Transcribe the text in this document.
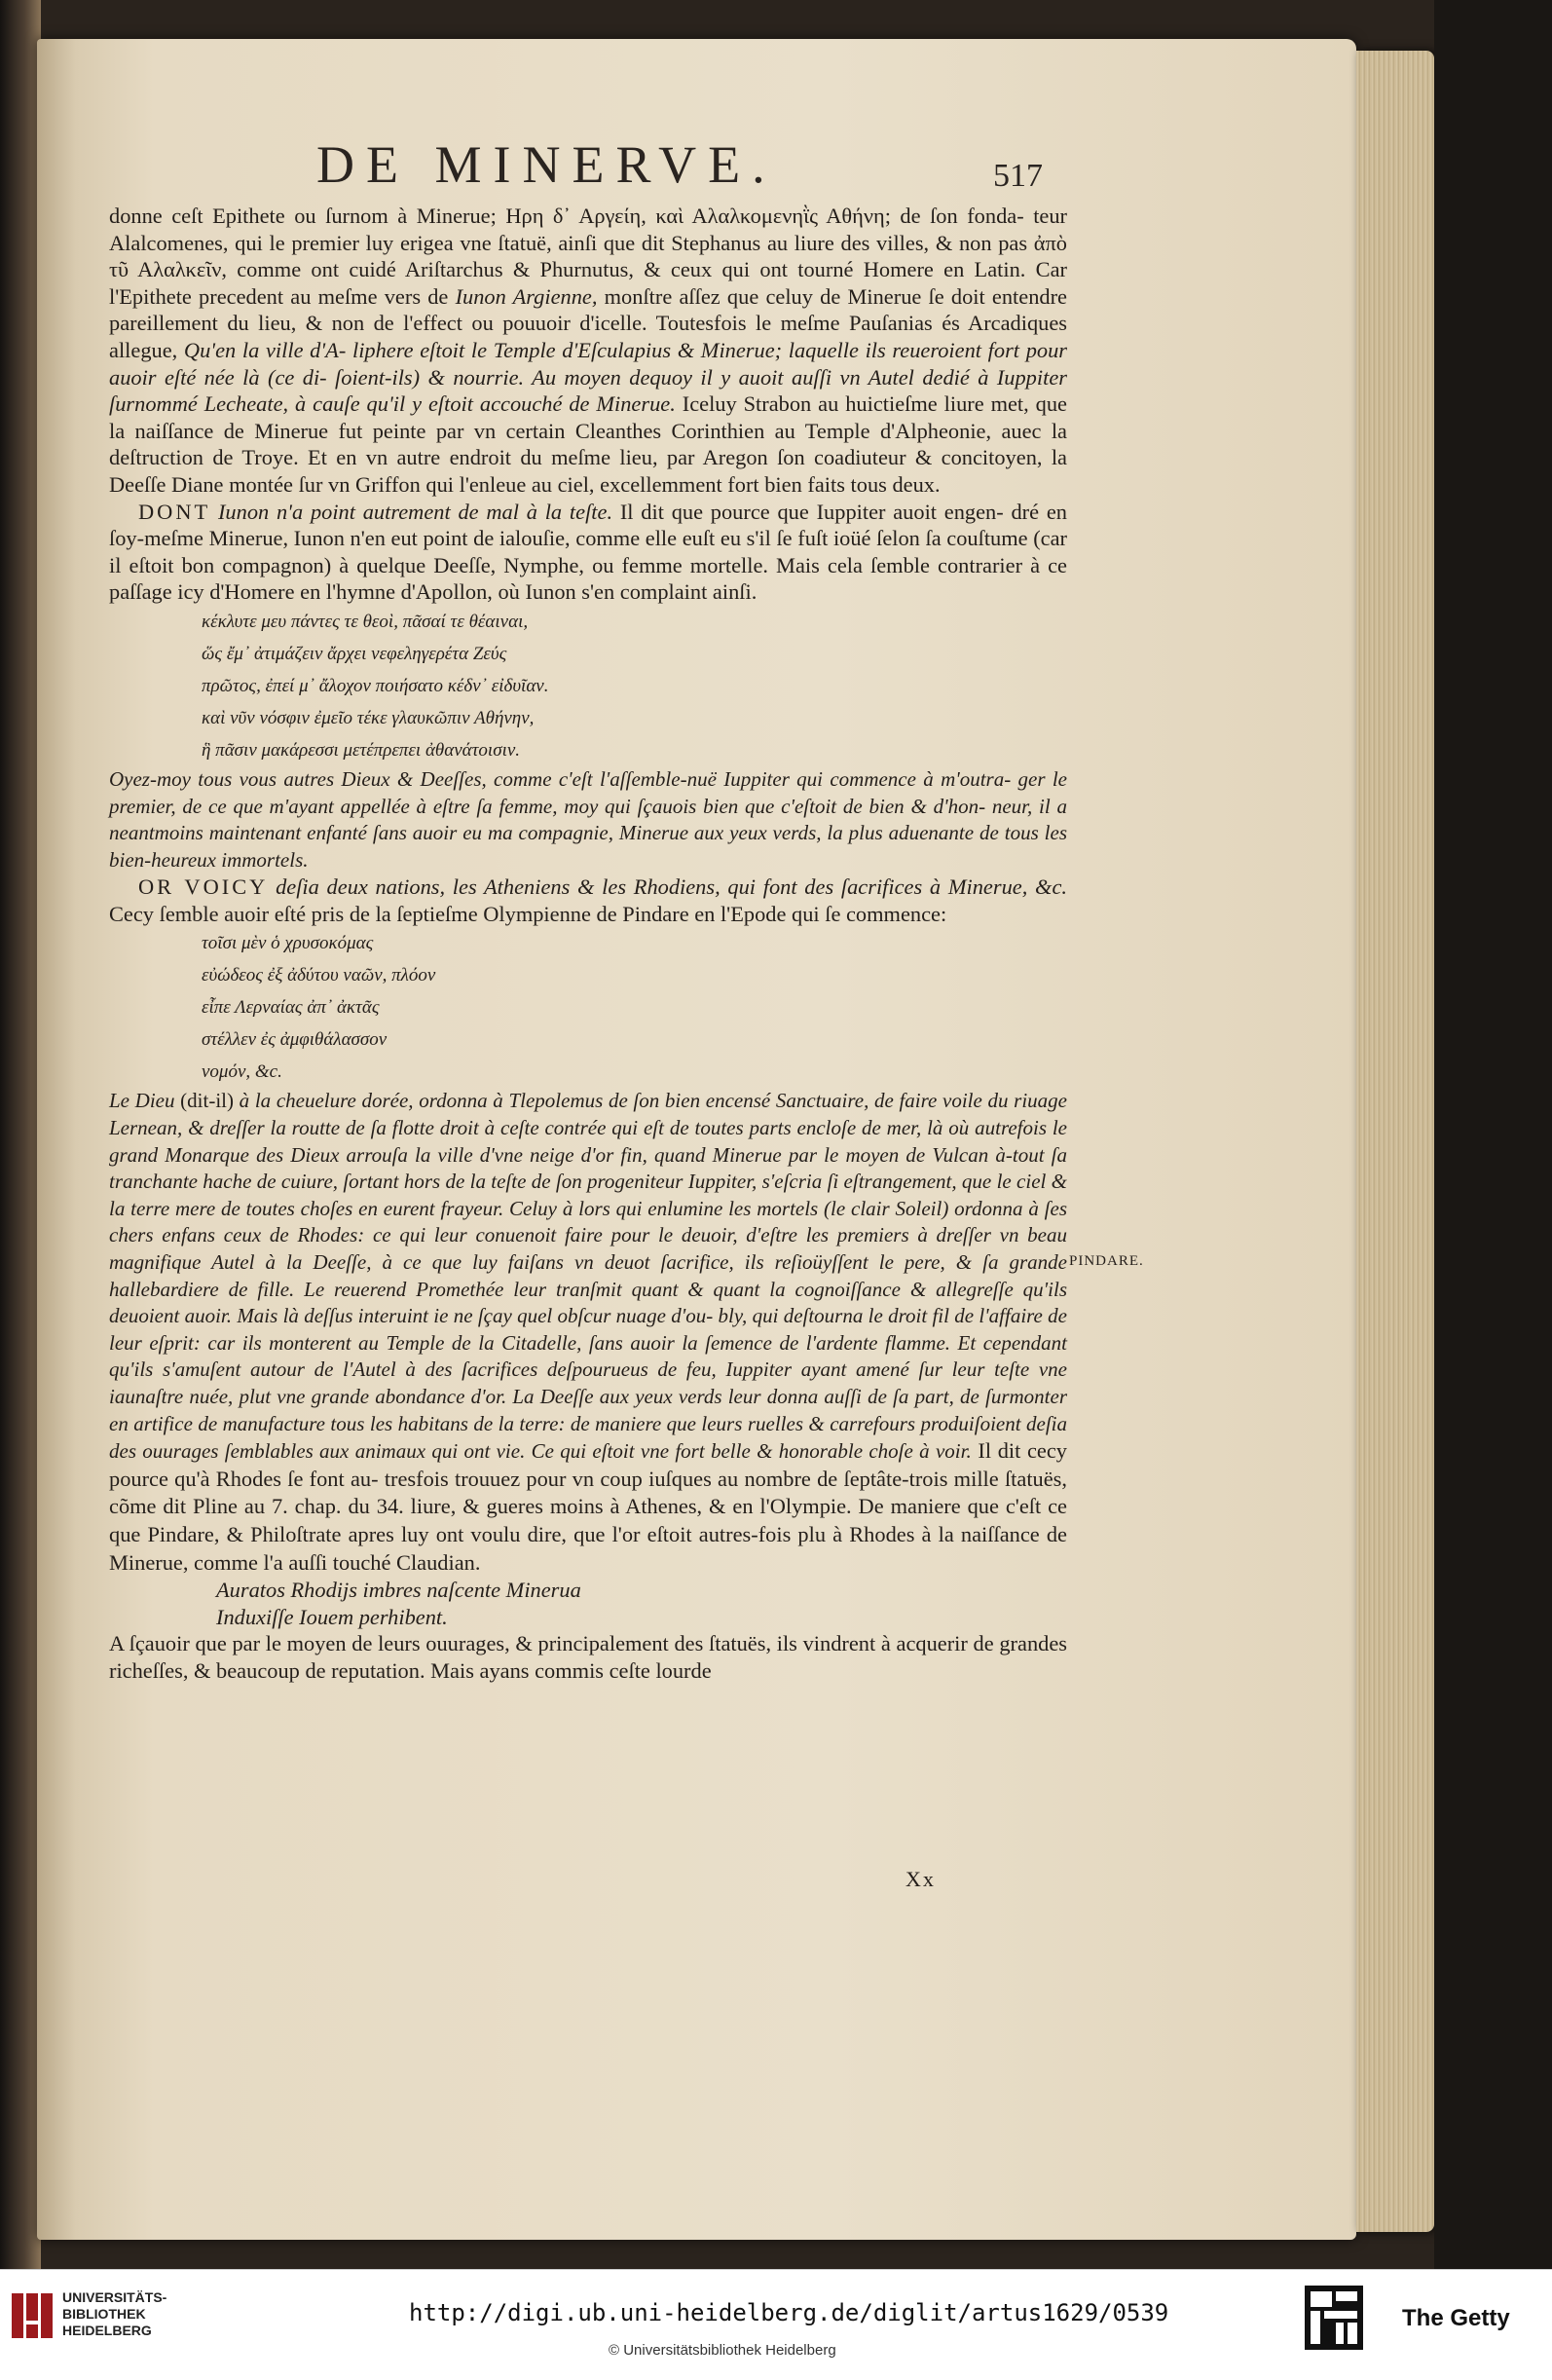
DE MINERVE.	517

donne ceſt Epithete ou ſurnom à Minerue; Ηρη δ᾽ Αργείη, καὶ Αλαλκομενηῒς Αθήνη; de ſon fonda- teur Alalcomenes, qui le premier luy erigea vne ſtatuë, ainſi que dit Stephanus au liure des villes, & non pas ἀπὸ τῦ Αλαλκεῖν, comme ont cuidé Ariſtarchus & Phurnutus, & ceux qui ont tourné Homere en Latin. Car l'Epithete precedent au meſme vers de Iunon Argienne, monſtre aſſez que celuy de Minerue ſe doit entendre pareillement du lieu, & non de l'effect ou pouuoir d'icelle. Toutesfois le meſme Pauſanias és Arcadiques allegue, Qu'en la ville d'A- liphere eſtoit le Temple d'Eſculapius & Minerue; laquelle ils reueroient fort pour auoir eſté née là (ce di- ſoient-ils) & nourrie. Au moyen dequoy il y auoit auſſi vn Autel dedié à Iuppiter ſurnommé Lecheate, à cauſe qu'il y eſtoit accouché de Minerue. Iceluy Strabon au huictieſme liure met, que la naiſſance de Minerue fut peinte par vn certain Cleanthes Corinthien au Temple d'Alpheonie, auec la deſtruction de Troye. Et en vn autre endroit du meſme lieu, par Aregon ſon coadiuteur & concitoyen, la Deeſſe Diane montée ſur vn Griffon qui l'enleue au ciel, excellemment fort bien faits tous deux.

DONT Iunon n'a point autrement de mal à la teſte. Il dit que pource que Iuppiter auoit engen- dré en ſoy-meſme Minerue, Iunon n'en eut point de ialouſie, comme elle euſt eu s'il ſe fuſt ioüé ſelon ſa couſtume (car il eſtoit bon compagnon) à quelque Deeſſe, Nymphe, ou femme mortelle. Mais cela ſemble contrarier à ce paſſage icy d'Homere en l'hymne d'Apollon, où Iunon s'en complaint ainſi.

κέκλυτε μευ πάντες τε θεοὶ, πᾶσαί τε θέαιναι,
ὥς ἔμ᾽ ἀτιμάζειν ἄρχει νεφεληγερέτα Ζεύς
πρῶτος, ἐπεί μ᾽ ἄλοχον ποιήσατο κέδν᾽ εἰδυῖαν.
καὶ νῦν νόσφιν ἐμεῖο τέκε γλαυκῶπιν Αθήνην,
ἣ πᾶσιν μακάρεσσι μετέπρεπει ἀθανάτοισιν.

Oyez-moy tous vous autres Dieux & Deeſſes, comme c'eſt l'aſſemble-nuë Iuppiter qui commence à m'outra- ger le premier, de ce que m'ayant appellée à eſtre ſa femme, moy qui ſçauois bien que c'eſtoit de bien & d'hon- neur, il a neantmoins maintenant enfanté ſans auoir eu ma compagnie, Minerue aux yeux verds, la plus aduenante de tous les bien-heureux immortels.

OR VOICY deſia deux nations, les Atheniens & les Rhodiens, qui font des ſacrifices à Minerue, &c. Cecy ſemble auoir eſté pris de la ſeptieſme Olympienne de Pindare en l'Epode qui ſe commence:

τοῖσι μὲν ὁ χρυσοκόμας
εὐώδεος ἐξ ἀδύτου ναῶν, πλόον
εἶπε Λερναίας ἀπ᾽ ἀκτᾶς
στέλλεν ἐς ἀμφιθάλασσον
νομόν, &c.

Le Dieu (dit-il) à la cheuelure dorée, ordonna à Tlepolemus de ſon bien encensé Sanctuaire, de faire voile du riuage Lernean, & dreſſer la routte de ſa flotte droit à ceſte contrée qui eſt de toutes parts encloſe de mer, là où autrefois le grand Monarque des Dieux arrouſa la ville d'vne neige d'or fin, quand Minerue par le moyen de Vulcan à-tout ſa tranchante hache de cuiure, ſortant hors de la teſte de ſon progeniteur Iuppiter, s'eſcria ſi eſtrangement, que le ciel & la terre mere de toutes choſes en eurent frayeur. Celuy à lors qui enlumine les mortels (le clair Soleil) ordonna à ſes chers enfans ceux de Rhodes: ce qui leur conuenoit faire pour le deuoir, d'eſtre les premiers à dreſſer vn beau magnifique Autel à la Deeſſe, à ce que luy faiſans vn deuot ſacrifice, ils reſioüyſſent le pere, & ſa grande hallebardiere de fille. Le reuerend Promethée leur tranſmit quant & quant la cognoiſſance & allegreſſe qu'ils deuoient auoir. Mais là deſſus interuint ie ne ſçay quel obſcur nuage d'ou- bly, qui deſtourna le droit fil de l'affaire de leur eſprit: car ils monterent au Temple de la Citadelle, ſans auoir la ſemence de l'ardente flamme. Et cependant qu'ils s'amuſent autour de l'Autel à des ſacrifices deſpourueus de feu, Iuppiter ayant amené ſur leur teſte vne iaunaſtre nuée, plut vne grande abondance d'or. La Deeſſe aux yeux verds leur donna auſſi de ſa part, de ſurmonter en artifice de manufacture tous les habitans de la terre: de maniere que leurs ruelles & carrefours produiſoient deſia des ouurages ſemblables aux animaux qui ont vie. Ce qui eſtoit vne fort belle & honorable choſe à voir. Il dit cecy pource qu'à Rhodes ſe font au- tresfois trouuez pour vn coup iuſques au nombre de ſeptâte-trois mille ſtatuës, cõme dit Pline au 7. chap. du 34. liure, & gueres moins à Athenes, & en l'Olympie. De maniere que c'eſt ce que Pindare, & Philoſtrate apres luy ont voulu dire, que l'or eſtoit autres-fois plu à Rhodes à la naiſſance de Minerue, comme l'a auſſi touché Claudian.

Auratos Rhodijs imbres naſcente Minerua
Induxiſſe Iouem perhibent.

A ſçauoir que par le moyen de leurs ouurages, & principalement des ſtatuës, ils vindrent à acquerir de grandes richeſſes, & beaucoup de reputation. Mais ayans commis ceſte lourde

PINDARE.
Xx
UNIVERSITÄTS-
BIBLIOTHEK
HEIDELBERG
http://digi.ub.uni-heidelberg.de/diglit/artus1629/0539
© Universitätsbibliothek Heidelberg
The Getty
